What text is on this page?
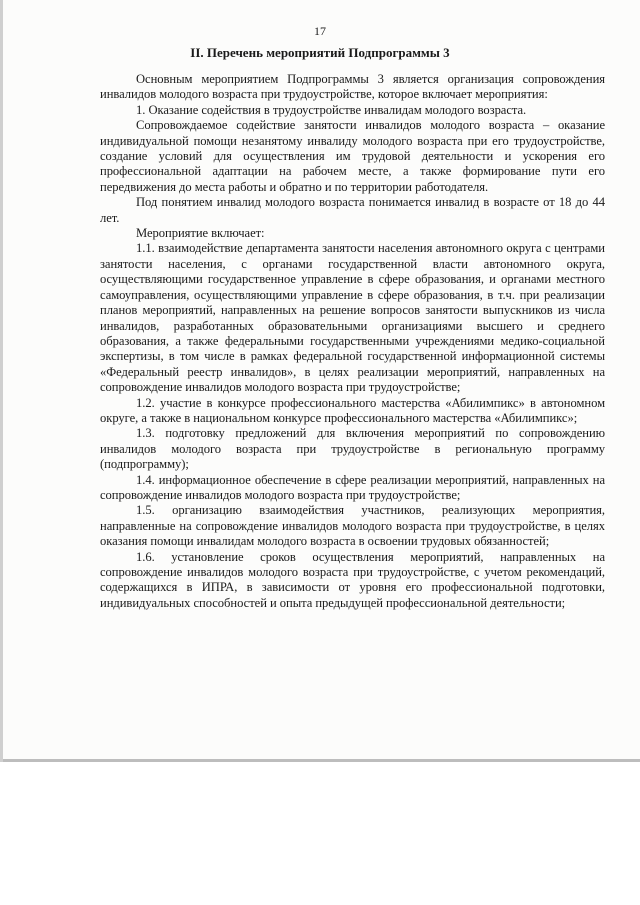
17
II. Перечень мероприятий Подпрограммы 3

Основным мероприятием Подпрограммы 3 является организация сопровождения инвалидов молодого возраста при трудоустройстве, которое включает мероприятия:

1. Оказание содействия в трудоустройстве инвалидам молодого возраста.

Сопровождаемое содействие занятости инвалидов молодого возраста – оказание индивидуальной помощи незанятому инвалиду молодого возраста при его трудоустройстве, создание условий для осуществления им трудовой деятельности и ускорения его профессиональной адаптации на рабочем месте, а также формирование пути его передвижения до места работы и обратно и по территории работодателя.

Под понятием инвалид молодого возраста понимается инвалид в возрасте от 18 до 44 лет.

Мероприятие включает:

1.1. взаимодействие департамента занятости населения автономного округа с центрами занятости населения, с органами государственной власти автономного округа, осуществляющими государственное управление в сфере образования, и органами местного самоуправления, осуществляющими управление в сфере образования, в т.ч. при реализации планов мероприятий, направленных на решение вопросов занятости выпускников из числа инвалидов, разработанных образовательными организациями высшего и среднего образования, а также федеральными государственными учреждениями медико-социальной экспертизы, в том числе в рамках федеральной государственной информационной системы «Федеральный реестр инвалидов», в целях реализации мероприятий, направленных на сопровождение инвалидов молодого возраста при трудоустройстве;

1.2. участие в конкурсе профессионального мастерства «Абилимпикс» в автономном округе, а также в национальном конкурсе профессионального мастерства «Абилимпикс»;

1.3. подготовку предложений для включения мероприятий по сопровождению инвалидов молодого возраста при трудоустройстве в региональную программу (подпрограмму);

1.4. информационное обеспечение в сфере реализации мероприятий, направленных на сопровождение инвалидов молодого возраста при трудоустройстве;

1.5. организацию взаимодействия участников, реализующих мероприятия, направленные на сопровождение инвалидов молодого возраста при трудоустройстве, в целях оказания помощи инвалидам молодого возраста в освоении трудовых обязанностей;

1.6. установление сроков осуществления мероприятий, направленных на сопровождение инвалидов молодого возраста при трудоустройстве, с учетом рекомендаций, содержащихся в ИПРА, в зависимости от уровня его профессиональной подготовки, индивидуальных способностей и опыта предыдущей профессиональной деятельности;
